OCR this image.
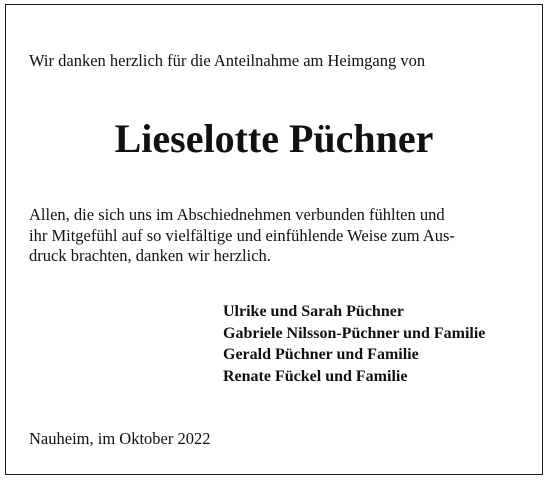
Wir danken herzlich für die Anteilnahme am Heimgang von

Lieselotte Püchner

Allen, die sich uns im Abschiednehmen verbunden fühlten und
ihr Mitgefühl auf so vielfältige und einfühlende Weise zum Aus-
druck brachten, danken wir herzlich.

Ulrike und Sarah Püchner
Gabriele Nilsson-Püchner und Familie
Gerald Püchner und Familie
Renate Fückel und Familie

Nauheim, im Oktober 2022
